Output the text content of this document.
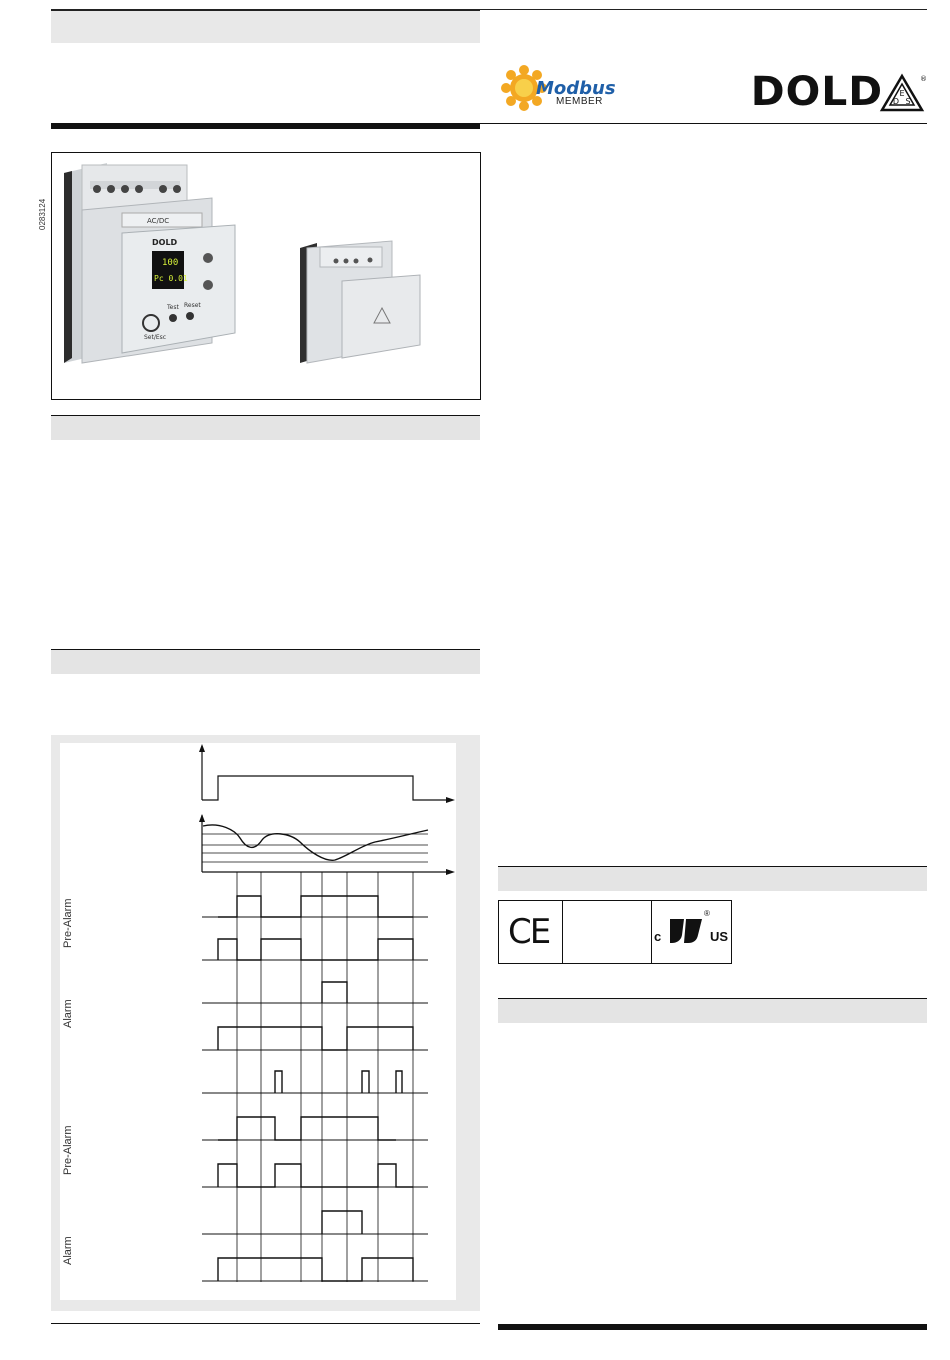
Modbus
MEMBER	DOLD E
D S
®
0283124	AC/DC
100
Pc 0.01
DOLD
Test Reset
Set/Esc
Pre-Alarm
Alarm
Pre-Alarm
Alarm
CE	c	US
®
